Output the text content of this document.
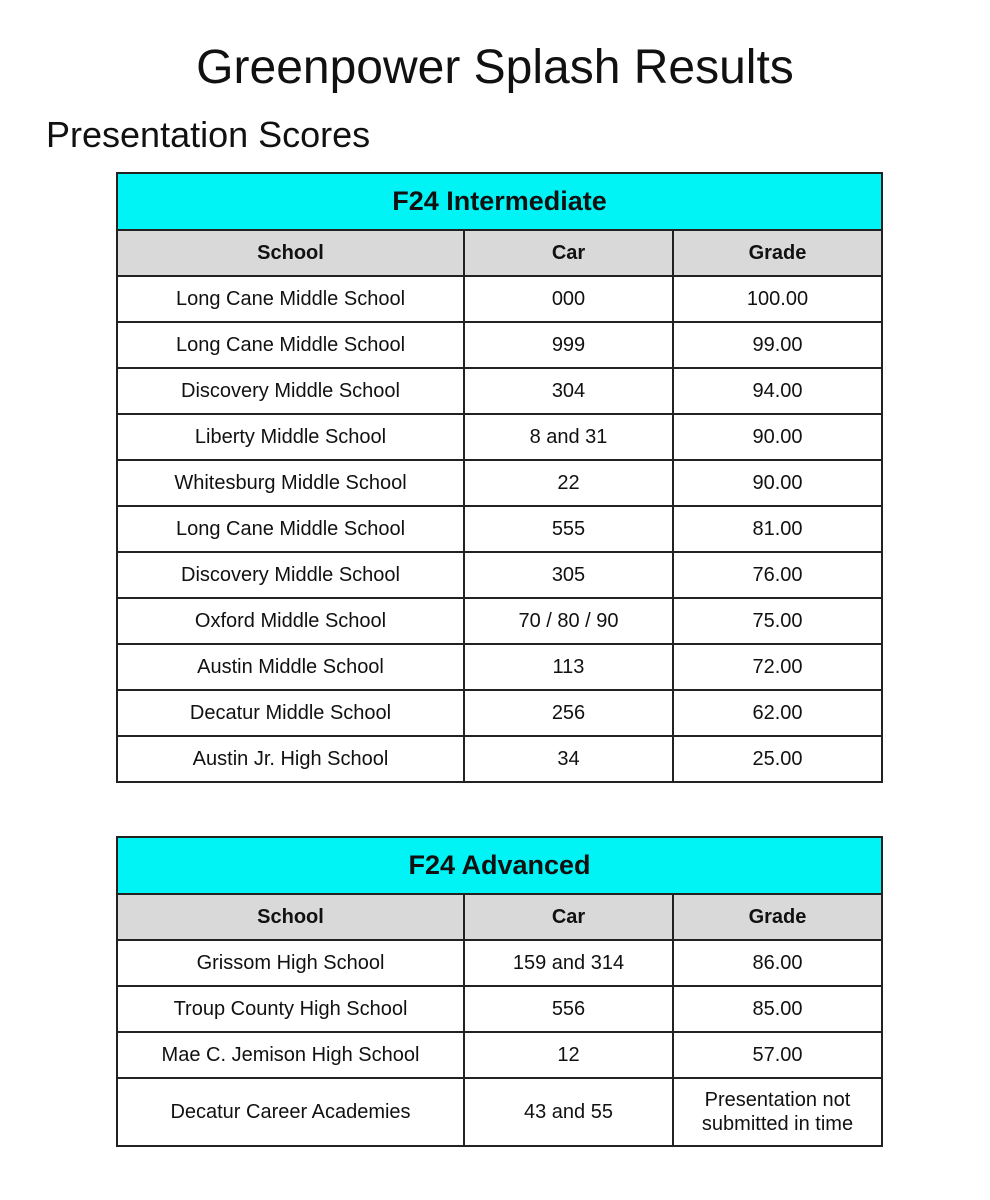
Greenpower Splash Results
Presentation Scores
F24 Intermediate		
School	Car	Grade
Long Cane Middle School	000	100.00
Long Cane Middle School	999	99.00
Discovery Middle School	304	94.00
Liberty Middle School	8 and 31	90.00
Whitesburg Middle School	22	90.00
Long Cane Middle School	555	81.00
Discovery Middle School	305	76.00
Oxford Middle School	70 / 80 / 90	75.00
Austin Middle School	113	72.00
Decatur Middle School	256	62.00
Austin Jr. High School	34	25.00
F24 Advanced		
School	Car	Grade
Grissom High School	159 and 314	86.00
Troup County High School	556	85.00
Mae C. Jemison High School	12	57.00
Decatur Career Academies	43 and 55	Presentation not
submitted in time
